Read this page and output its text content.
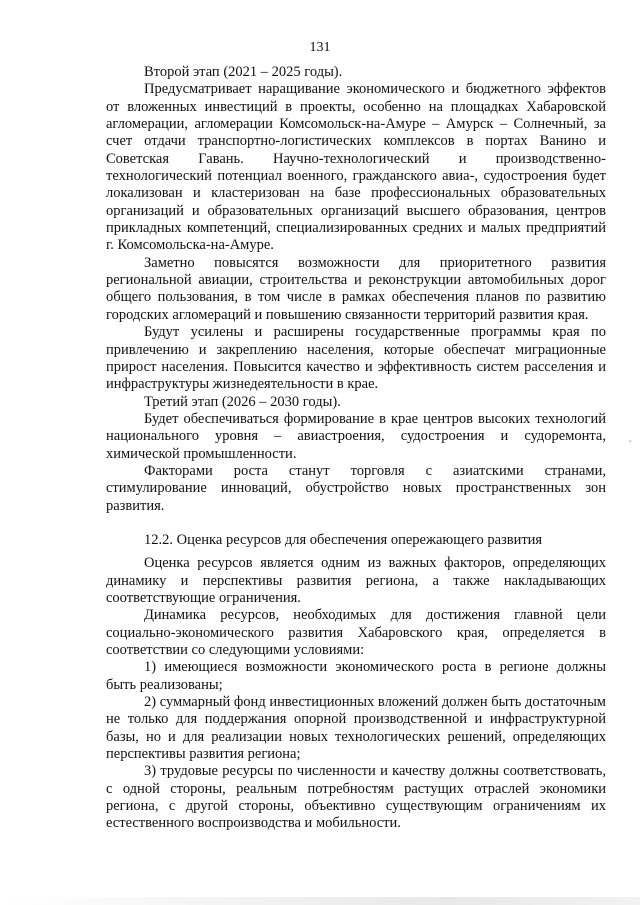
131

Второй этап (2021 – 2025 годы).

Предусматривает наращивание экономического и бюджетного эффектов от вложенных инвестиций в проекты, особенно на площадках Хабаровской агломерации, агломерации Комсомольск-на-Амуре – Амурск – Солнечный, за счет отдачи транспортно-логистических комплексов в портах Ванино и Советская Гавань. Научно-технологический и производственно-технологический потенциал военного, гражданского авиа-, судостроения будет локализован и кластеризован на базе профессиональных образовательных организаций и образовательных организаций высшего образования, центров прикладных компетенций, специализированных средних и малых предприятий г. Комсомольска-на-Амуре.

Заметно повысятся возможности для приоритетного развития региональной авиации, строительства и реконструкции автомобильных дорог общего пользования, в том числе в рамках обеспечения планов по развитию городских агломераций и повышению связанности территорий развития края.

Будут усилены и расширены государственные программы края по привлечению и закреплению населения, которые обеспечат миграционные прирост населения. Повысится качество и эффективность систем расселения и инфраструктуры жизнедеятельности в крае.

Третий этап (2026 – 2030 годы).

Будет обеспечиваться формирование в крае центров высоких технологий национального уровня – авиастроения, судостроения и судоремонта, химической промышленности.

Факторами роста станут торговля с азиатскими странами, стимулирование инноваций, обустройство новых пространственных зон развития.

12.2. Оценка ресурсов для обеспечения опережающего развития

Оценка ресурсов является одним из важных факторов, определяющих динамику и перспективы развития региона, а также накладывающих соответствующие ограничения.

Динамика ресурсов, необходимых для достижения главной цели социально-экономического развития Хабаровского края, определяется в соответствии со следующими условиями:

1) имеющиеся возможности экономического роста в регионе должны быть реализованы;

2) суммарный фонд инвестиционных вложений должен быть достаточным не только для поддержания опорной производственной и инфраструктурной базы, но и для реализации новых технологических решений, определяющих перспективы развития региона;

3) трудовые ресурсы по численности и качеству должны соответствовать, с одной стороны, реальным потребностям растущих отраслей экономики региона, с другой стороны, объективно существующим ограничениям их естественного воспроизводства и мобильности.

-
